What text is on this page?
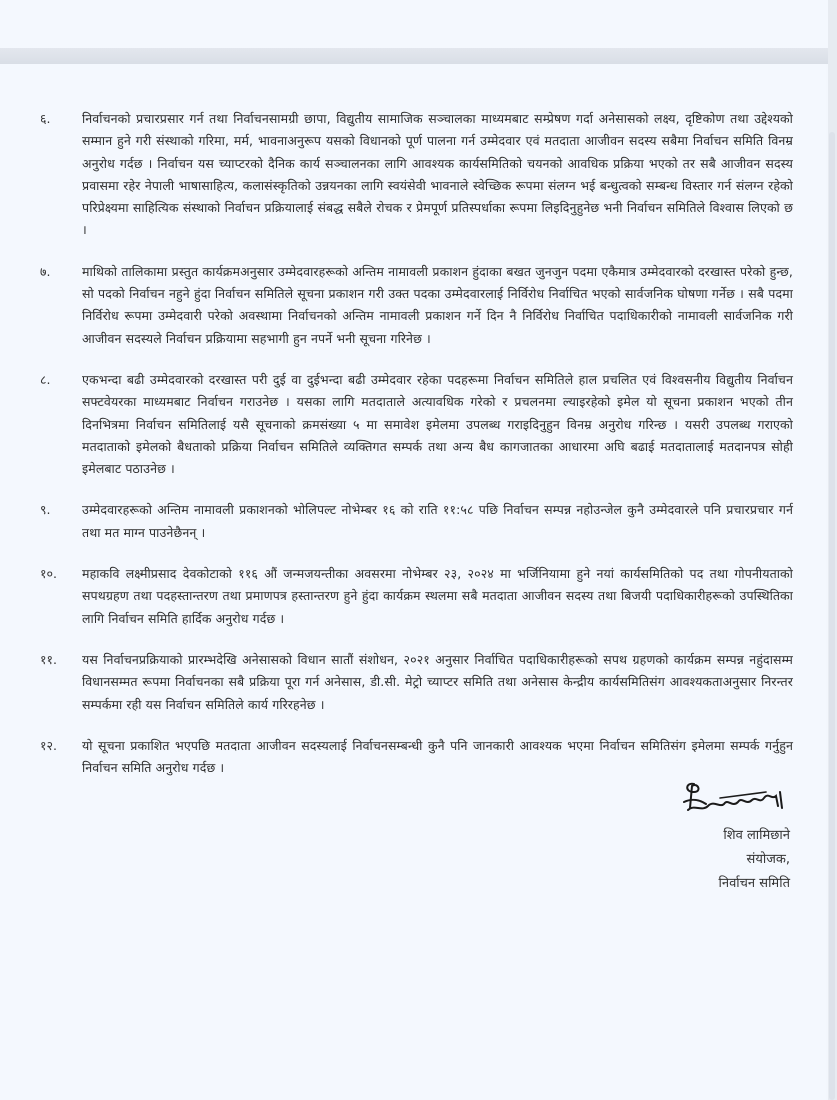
६.	निर्वाचनको प्रचारप्रसार गर्न तथा निर्वाचनसामग्री छापा, विद्युतीय सामाजिक सञ्चालका माध्यमबाट सम्प्रेषण गर्दा अनेसासको लक्ष्य, दृष्टिकोण तथा उद्देश्यको सम्मान हुने गरी संस्थाको गरिमा, मर्म, भावनाअनुरूप यसको विधानको पूर्ण पालना गर्न उम्मेदवार एवं मतदाता आजीवन सदस्य सबैमा निर्वाचन समिति विनम्र अनुरोध गर्दछ । निर्वाचन यस च्याप्टरको दैनिक कार्य सञ्चालनका लागि आवश्यक कार्यसमितिको चयनको आवधिक प्रक्रिया भएको तर सबै आजीवन सदस्य प्रवासमा रहेर नेपाली भाषासाहित्य, कलासंस्कृतिको उन्नयनका लागि स्वयंसेवी भावनाले स्वेच्छिक रूपमा संलग्न भई बन्धुत्वको सम्बन्ध विस्तार गर्न संलग्न रहेको परिप्रेक्ष्यमा साहित्यिक संस्थाको निर्वाचन प्रक्रियालाई संबद्ध सबैले रोचक र प्रेमपूर्ण प्रतिस्पर्धाका रूपमा लिइदिनुहुनेछ भनी निर्वाचन समितिले विश्वास लिएको छ ।
७.	माथिको तालिकामा प्रस्तुत कार्यक्रमअनुसार उम्मेदवारहरूको अन्तिम नामावली प्रकाशन हुंदाका बखत जुनजुन पदमा एकैमात्र उम्मेदवारको दरखास्त परेको हुन्छ, सो पदको निर्वाचन नहुने हुंदा निर्वाचन समितिले सूचना प्रकाशन गरी उक्त पदका उम्मेदवारलाई निर्विरोध निर्वाचित भएको सार्वजनिक घोषणा गर्नेछ । सबै पदमा निर्विरोध रूपमा उम्मेदवारी परेको अवस्थामा निर्वाचनको अन्तिम नामावली प्रकाशन गर्ने दिन नै निर्विरोध निर्वाचित पदाधिकारीको नामावली सार्वजनिक गरी आजीवन सदस्यले निर्वाचन प्रक्रियामा सहभागी हुन नपर्ने भनी सूचना गरिनेछ ।
८.	एकभन्दा बढी उम्मेदवारको दरखास्त परी दुई वा दुईभन्दा बढी उम्मेदवार रहेका पदहरूमा निर्वाचन समितिले हाल प्रचलित एवं विश्वसनीय विद्युतीय निर्वाचन सफ्टवेयरका माध्यमबाट निर्वाचन गराउनेछ । यसका लागि मतदाताले अत्यावधिक गरेको र प्रचलनमा ल्याइरहेको इमेल यो सूचना प्रकाशन भएको तीन दिनभित्रमा निर्वाचन समितिलाई यसै सूचनाको क्रमसंख्या ५ मा समावेश इमेलमा उपलब्ध गराइदिनुहुन विनम्र अनुरोध गरिन्छ । यसरी उपलब्ध गराएको मतदाताको इमेलको बैधताको प्रक्रिया निर्वाचन समितिले व्यक्तिगत सम्पर्क तथा अन्य बैध कागजातका आधारमा अघि बढाई मतदातालाई मतदानपत्र सोही इमेलबाट पठाउनेछ ।
९.	उम्मेदवारहरूको अन्तिम नामावली प्रकाशनको भोलिपल्ट नोभेम्बर १६ को राति ११:५८ पछि निर्वाचन सम्पन्न नहोउन्जेल कुनै उम्मेदवारले पनि प्रचारप्रचार गर्न तथा मत माग्न पाउनेछैनन् ।
१०.	महाकवि लक्ष्मीप्रसाद देवकोटाको ११६ औं जन्मजयन्तीका अवसरमा नोभेम्बर २३, २०२४ मा भर्जिनियामा हुने नयां कार्यसमितिको पद तथा गोपनीयताको सपथग्रहण तथा पदहस्तान्तरण तथा प्रमाणपत्र हस्तान्तरण हुने हुंदा कार्यक्रम स्थलमा सबै मतदाता आजीवन सदस्य तथा बिजयी पदाधिकारीहरूको उपस्थितिका लागि निर्वाचन समिति हार्दिक अनुरोध गर्दछ ।
११.	यस निर्वाचनप्रक्रियाको प्रारम्भदेखि अनेसासको विधान सातौं संशोधन, २०२१ अनुसार निर्वाचित पदाधिकारीहरूको सपथ ग्रहणको कार्यक्रम सम्पन्न नहुंदासम्म विधानसम्मत रूपमा निर्वाचनका सबै प्रक्रिया पूरा गर्न अनेसास, डी.सी. मेट्रो च्याप्टर समिति तथा अनेसास केन्द्रीय कार्यसमितिसंग आवश्यकताअनुसार निरन्तर सम्पर्कमा रही यस निर्वाचन समितिले कार्य गरिरहनेछ ।
१२.	यो सूचना प्रकाशित भएपछि मतदाता आजीवन सदस्यलाई निर्वाचनसम्बन्धी कुनै पनि जानकारी आवश्यक भएमा निर्वाचन समितिसंग इमेलमा सम्पर्क गर्नुहुन निर्वाचन समिति अनुरोध गर्दछ ।
शिव लामिछाने
संयोजक,
निर्वाचन समिति
